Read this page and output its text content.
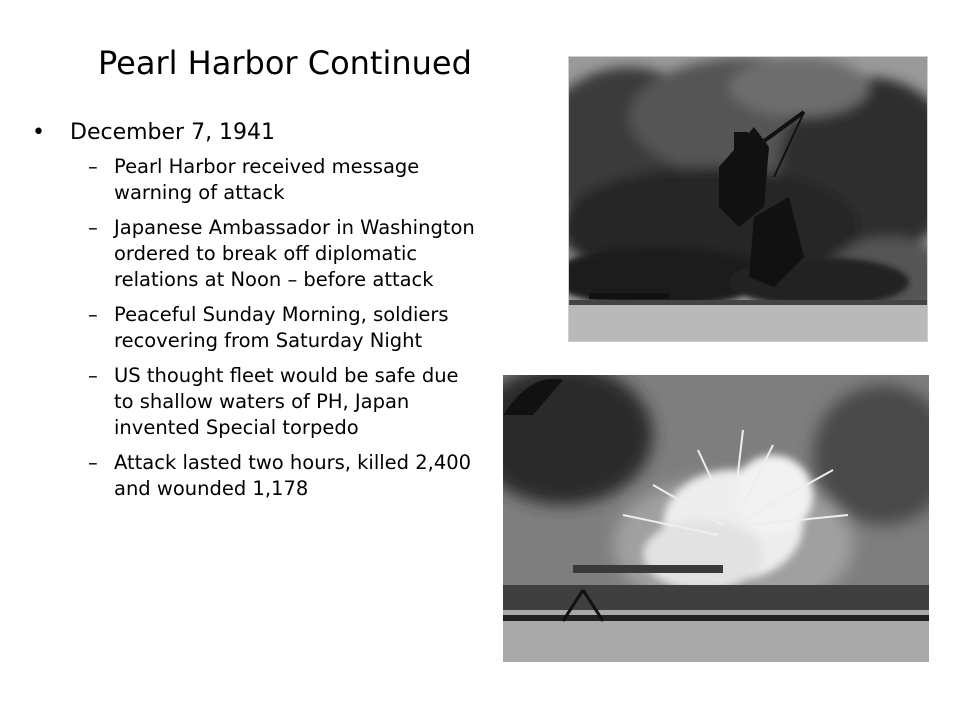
Pearl Harbor Continued
• December 7, 1941
– Pearl Harbor received message warning of attack
– Japanese Ambassador in Washington ordered to break off diplomatic relations at Noon – before attack
– Peaceful Sunday Morning, soldiers recovering from Saturday Night
– US thought fleet would be safe due to shallow waters of PH, Japan invented Special torpedo
– Attack lasted two hours, killed 2,400 and wounded 1,178
